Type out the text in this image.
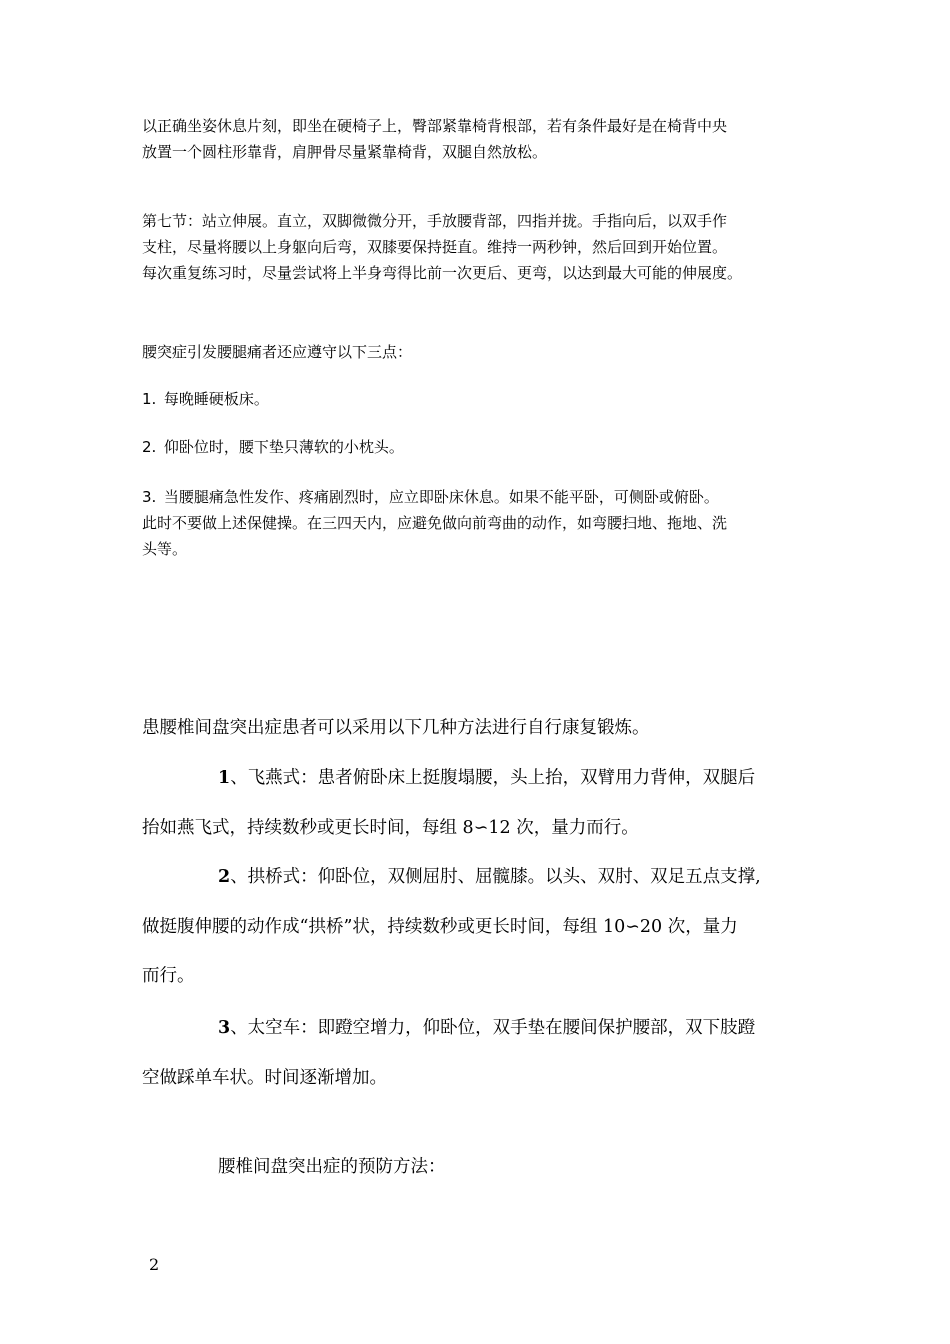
以正确坐姿休息片刻，即坐在硬椅子上，臀部紧靠椅背根部，若有条件最好是在椅背中央

放置一个圆柱形靠背，肩胛骨尽量紧靠椅背，双腿自然放松。

第七节：站立伸展。直立，双脚微微分开，手放腰背部，四指并拢。手指向后，以双手作

支柱，尽量将腰以上身躯向后弯，双膝要保持挺直。维持一两秒钟，然后回到开始位置。

每次重复练习时，尽量尝试将上半身弯得比前一次更后、更弯，以达到最大可能的伸展度。

腰突症引发腰腿痛者还应遵守以下三点：

1.  每晚睡硬板床。

2.  仰卧位时，腰下垫只薄软的小枕头。

3.  当腰腿痛急性发作、疼痛剧烈时，应立即卧床休息。如果不能平卧，可侧卧或俯卧。

此时不要做上述保健操。在三四天内，应避免做向前弯曲的动作，如弯腰扫地、拖地、洗

头等。

患腰椎间盘突出症患者可以采用以下几种方法进行自行康复锻炼。

1、飞燕式：患者俯卧床上挺腹塌腰，头上抬，双臂用力背伸，双腿后

抬如燕飞式，持续数秒或更长时间，每组 8∽12 次，量力而行。

2、拱桥式：仰卧位，双侧屈肘、屈髋膝。以头、双肘、双足五点支撑,

做挺腹伸腰的动作成“拱桥”状，持续数秒或更长时间，每组 10∽20 次，量力

而行。

3、太空车：即蹬空增力，仰卧位，双手垫在腰间保护腰部，双下肢蹬

空做踩单车状。时间逐渐增加。

腰椎间盘突出症的预防方法：

2
